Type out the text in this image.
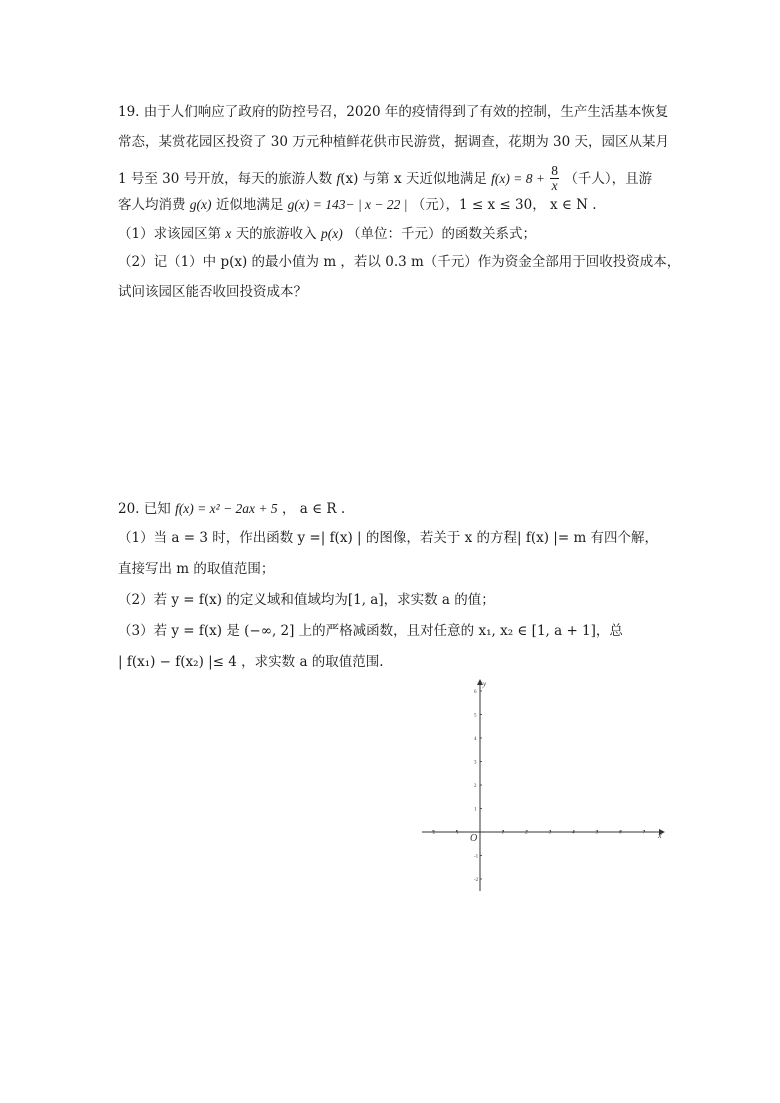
19. 由于人们响应了政府的防控号召，2020 年的疫情得到了有效的控制，生产生活基本恢复
常态，某赏花园区投资了 30 万元种植鲜花供市民游赏，据调查，花期为 30 天，园区从某月
1 号至 30 号开放，每天的旅游人数 f(x) 与第 x 天近似地满足 $f(x) = 8 + \frac{8}{x}$ （千人），且游
客人均消费 g(x) 近似地满足 g(x) = 143− | x − 22 | （元），1 ≤ x ≤ 30， x ∈ N .
（1）求该园区第 x 天的旅游收入 p(x) （单位：千元）的函数关系式；
（2）记（1）中 p(x) 的最小值为 m ，若以 0.3 m（千元）作为资金全部用于回收投资成本，
试问该园区能否收回投资成本？
20. 已知 f(x) = x² − 2ax + 5 ， a ∈ R .
（1）当 a = 3 时，作出函数 y =| f(x) | 的图像，若关于 x 的方程| f(x) |= m 有四个解，
直接写出 m 的取值范围；
（2）若 y = f(x) 的定义域和值域均为[1, a]，求实数 a 的值；
（3）若 y = f(x) 是 (−∞, 2] 上的严格减函数，且对任意的 x₁, x₂ ∈ [1, a + 1]，总
| f(x₁) − f(x₂) |≤ 4 ，求实数 a 的取值范围.
-2	-1	1	2	3	4	5	6	7
6
5
4
3
2
1
-1
-2
x
y
O
